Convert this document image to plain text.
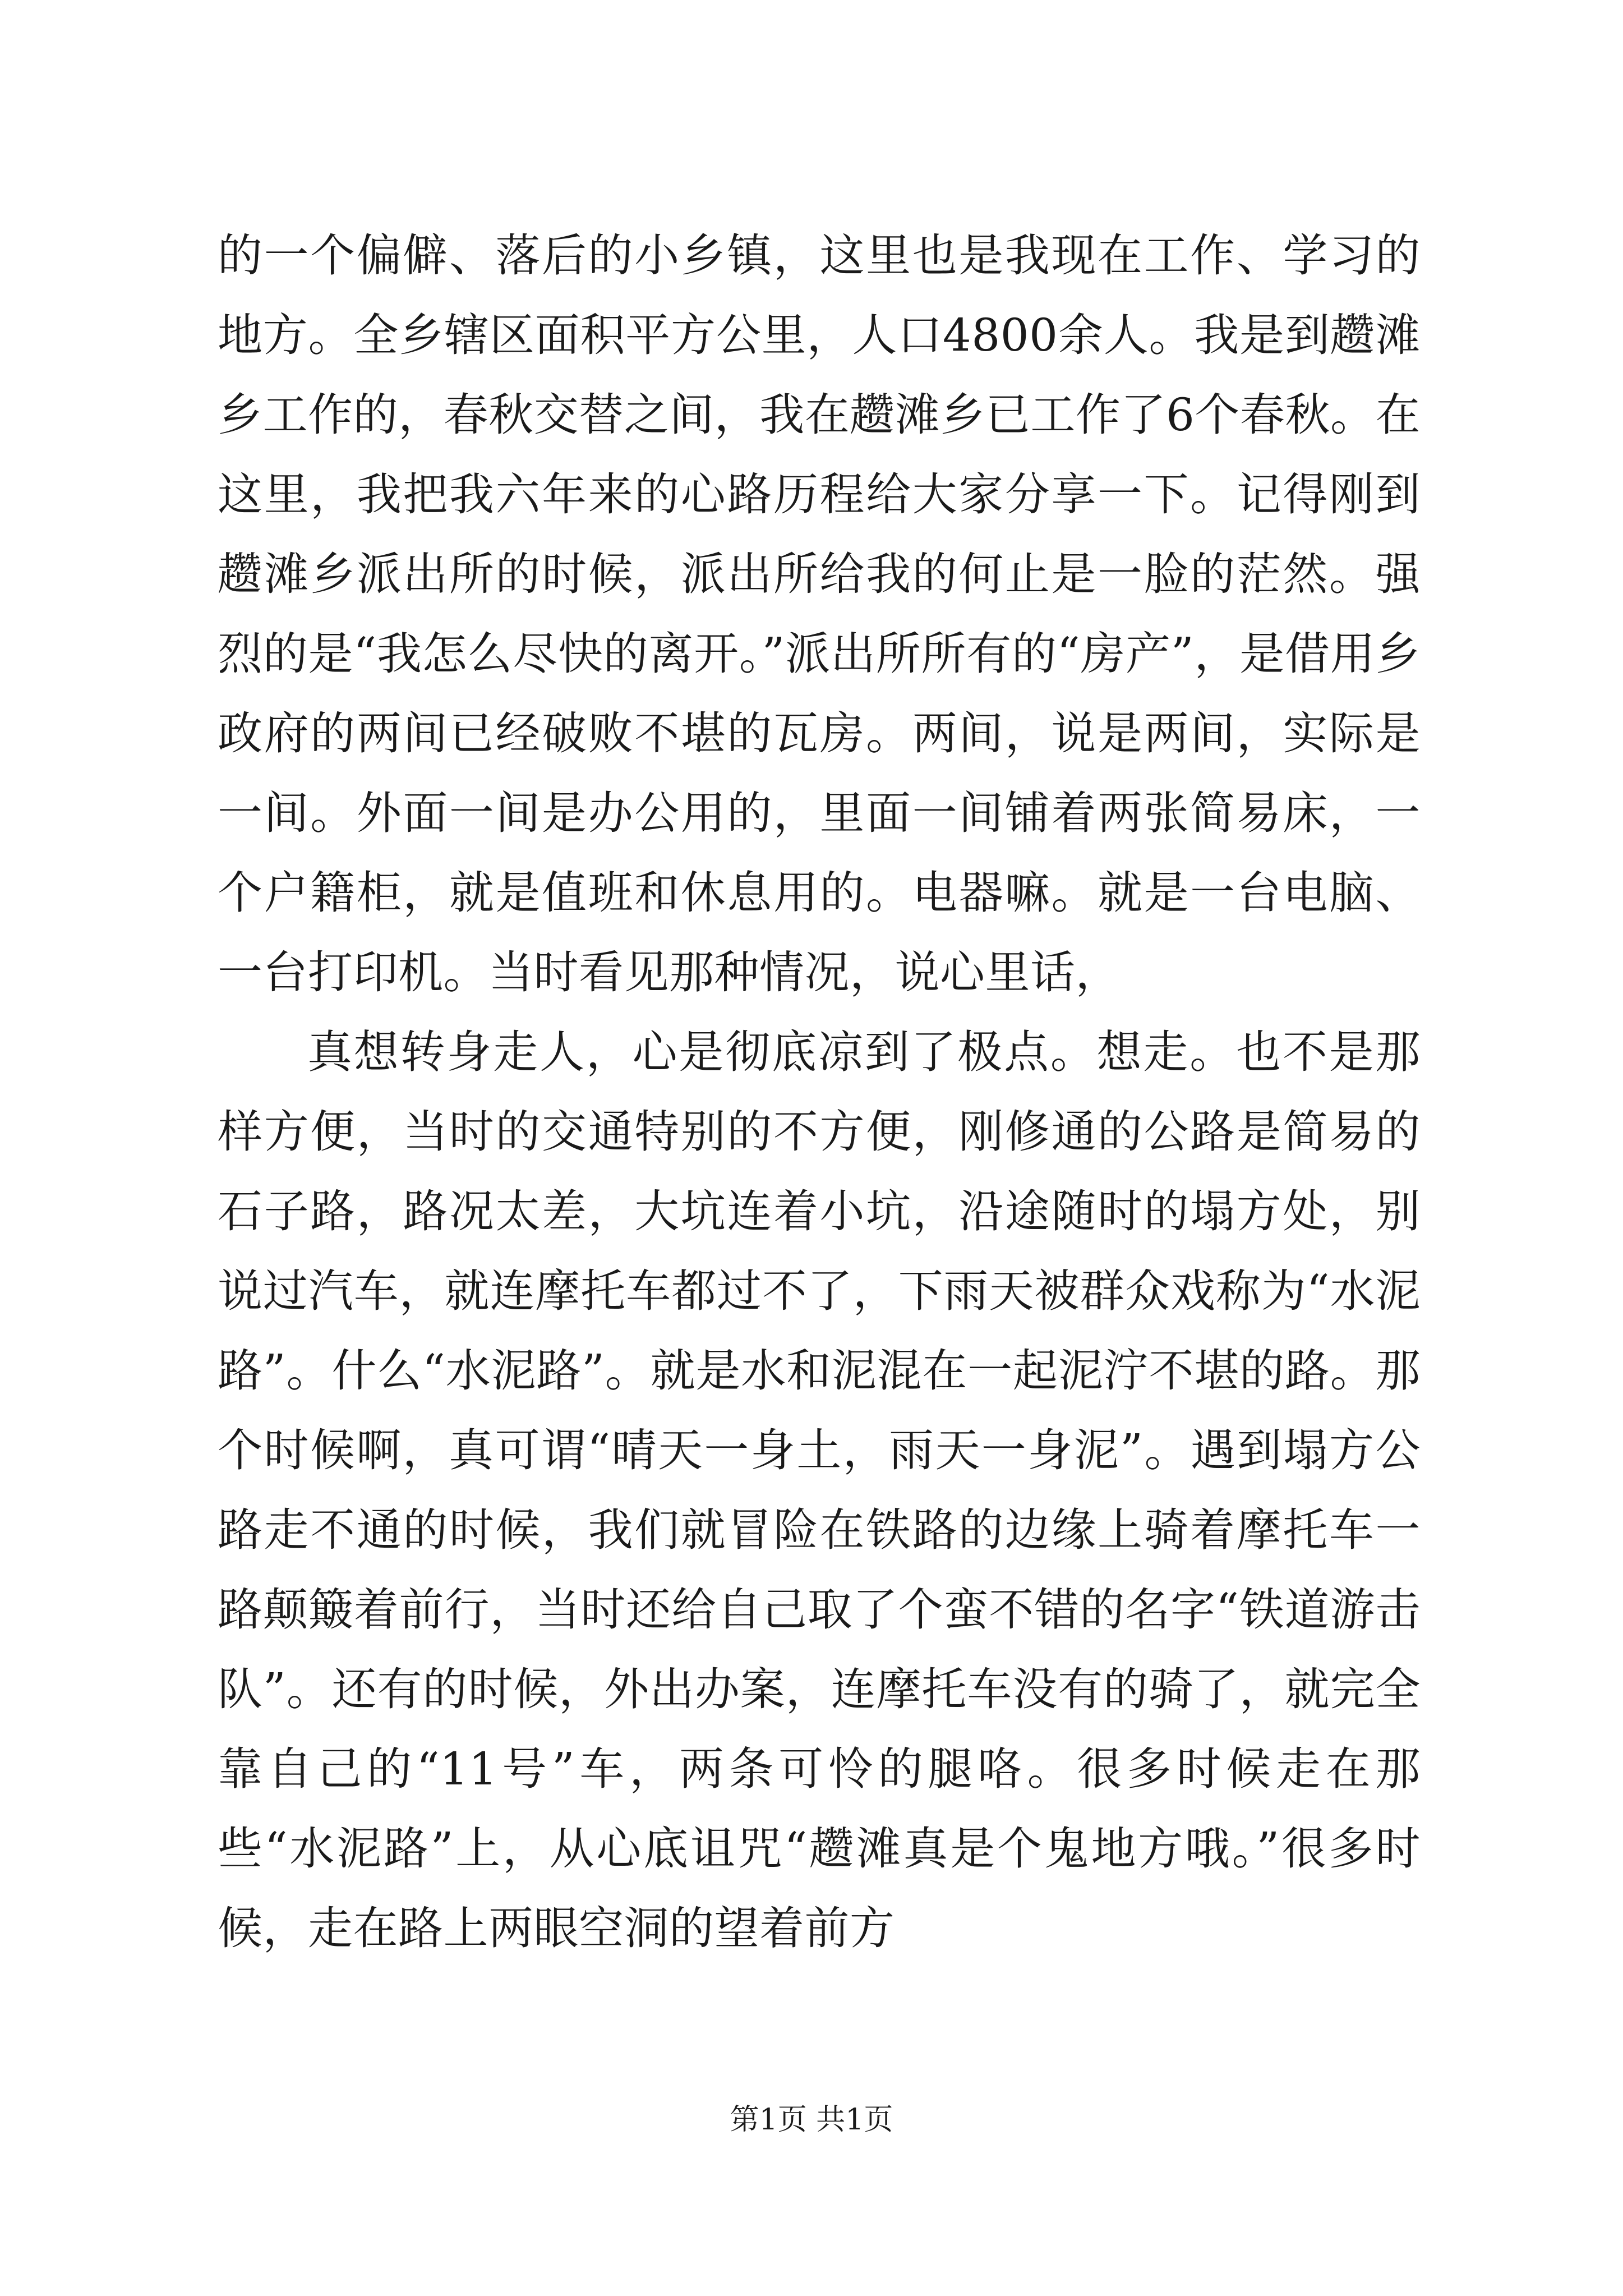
的一个偏僻、落后的小乡镇，这里也是我现在工作、学习的地方。全乡辖区面积平方公里，人口4800余人。我是到趱滩乡工作的，春秋交替之间，我在趱滩乡已工作了6个春秋。在这里，我把我六年来的心路历程给大家分享一下。记得刚到趱滩乡派出所的时候，派出所给我的何止是一脸的茫然。强烈的是“我怎么尽快的离开。”派出所所有的“房产”，是借用乡政府的两间已经破败不堪的瓦房。两间，说是两间，实际是一间。外面一间是办公用的，里面一间铺着两张简易床，一个户籍柜，就是值班和休息用的。电器嘛。就是一台电脑、一台打印机。当时看见那种情况，说心里话，

真想转身走人，心是彻底凉到了极点。想走。也不是那样方便，当时的交通特别的不方便，刚修通的公路是简易的石子路，路况太差，大坑连着小坑，沿途随时的塌方处，别说过汽车，就连摩托车都过不了，下雨天被群众戏称为“水泥路”。什么“水泥路”。就是水和泥混在一起泥泞不堪的路。那个时候啊，真可谓“晴天一身土，雨天一身泥”。遇到塌方公路走不通的时候，我们就冒险在铁路的边缘上骑着摩托车一路颠簸着前行，当时还给自己取了个蛮不错的名字“铁道游击队”。还有的时候，外出办案，连摩托车没有的骑了，就完全靠自己的“11号”车，两条可怜的腿咯。很多时候走在那些“水泥路”上，从心底诅咒“趱滩真是个鬼地方哦。”很多时候，走在路上两眼空洞的望着前方

第1页 共1页
